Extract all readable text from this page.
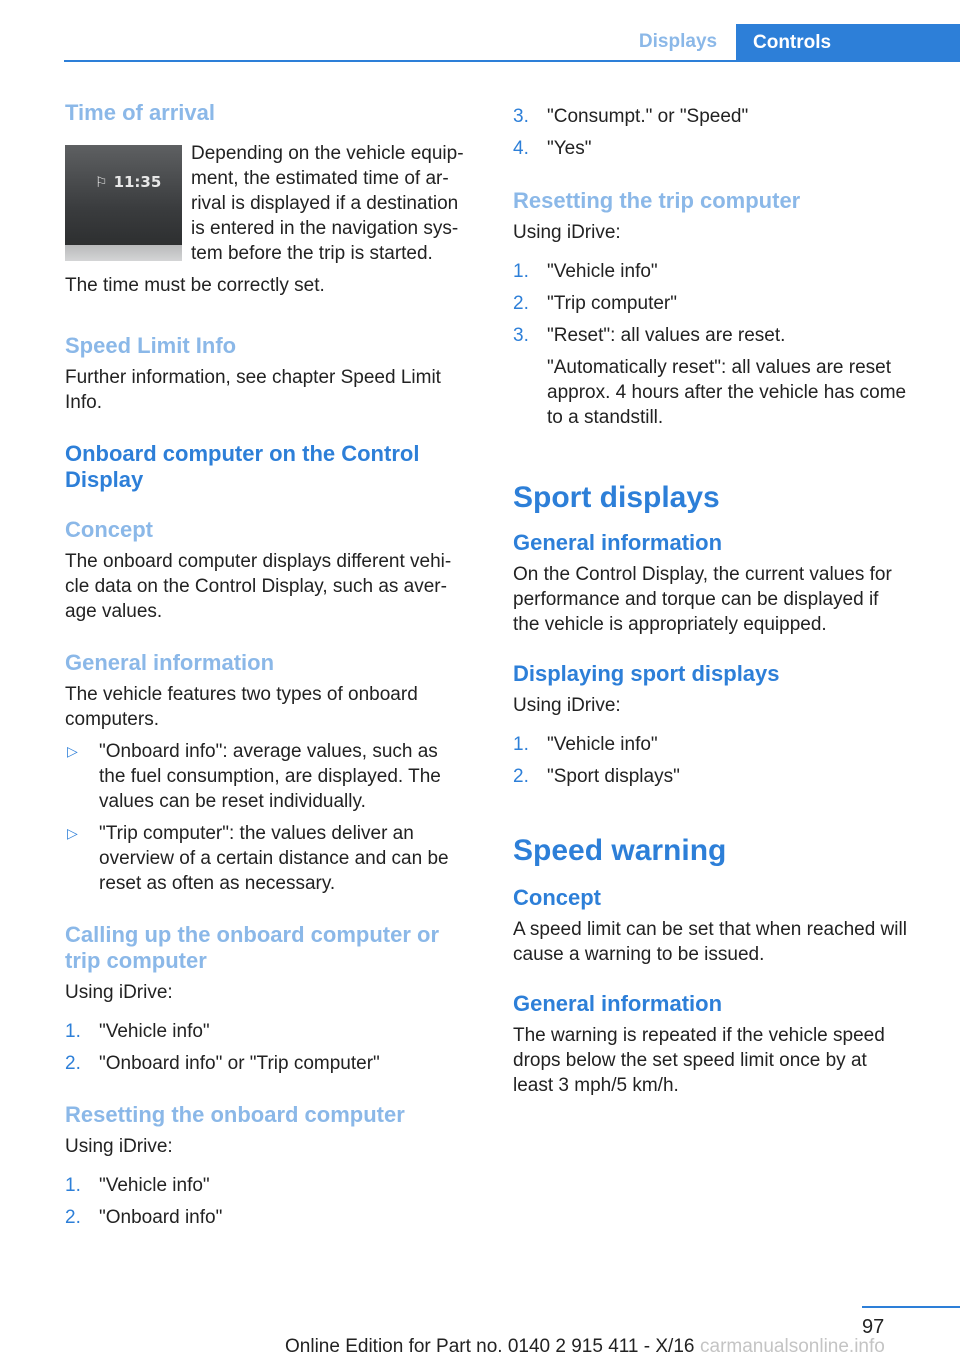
Displays	Controls
Time of arrival
⚐ 11:35

Depending on the vehicle equip‐

ment, the estimated time of ar‐

rival is displayed if a destination

is entered in the navigation sys‐

tem before the trip is started.

The time must be correctly set.

Speed Limit Info

Further information, see chapter Speed Limit

Info.

Onboard computer on the Control
Display
Concept

The onboard computer displays different vehi‐

cle data on the Control Display, such as aver‐

age values.

General information

The vehicle features two types of onboard

computers.

▷ "Onboard info": average values, such as
the fuel consumption, are displayed. The
values can be reset individually.
▷ "Trip computer": the values deliver an
overview of a certain distance and can be
reset as often as necessary.
Calling up the onboard computer or
trip computer

Using iDrive:

1. "Vehicle info"
2. "Onboard info" or "Trip computer"
Resetting the onboard computer

Using iDrive:

1. "Vehicle info"
2. "Onboard info"
3. "Consumpt." or "Speed"
4. "Yes"
Resetting the trip computer

Using iDrive:

1. "Vehicle info"
2. "Trip computer"
3. "Reset": all values are reset.
"Automatically reset": all values are reset
approx. 4 hours after the vehicle has come
to a standstill.
Sport displays
General information

On the Control Display, the current values for

performance and torque can be displayed if

the vehicle is appropriately equipped.

Displaying sport displays

Using iDrive:

1. "Vehicle info"
2. "Sport displays"
Speed warning
Concept

A speed limit can be set that when reached will

cause a warning to be issued.

General information

The warning is repeated if the vehicle speed

drops below the set speed limit once by at

least 3 mph/5 km/h.

97
Online Edition for Part no. 0140 2 915 411 - X/16 carmanualsonline.info
